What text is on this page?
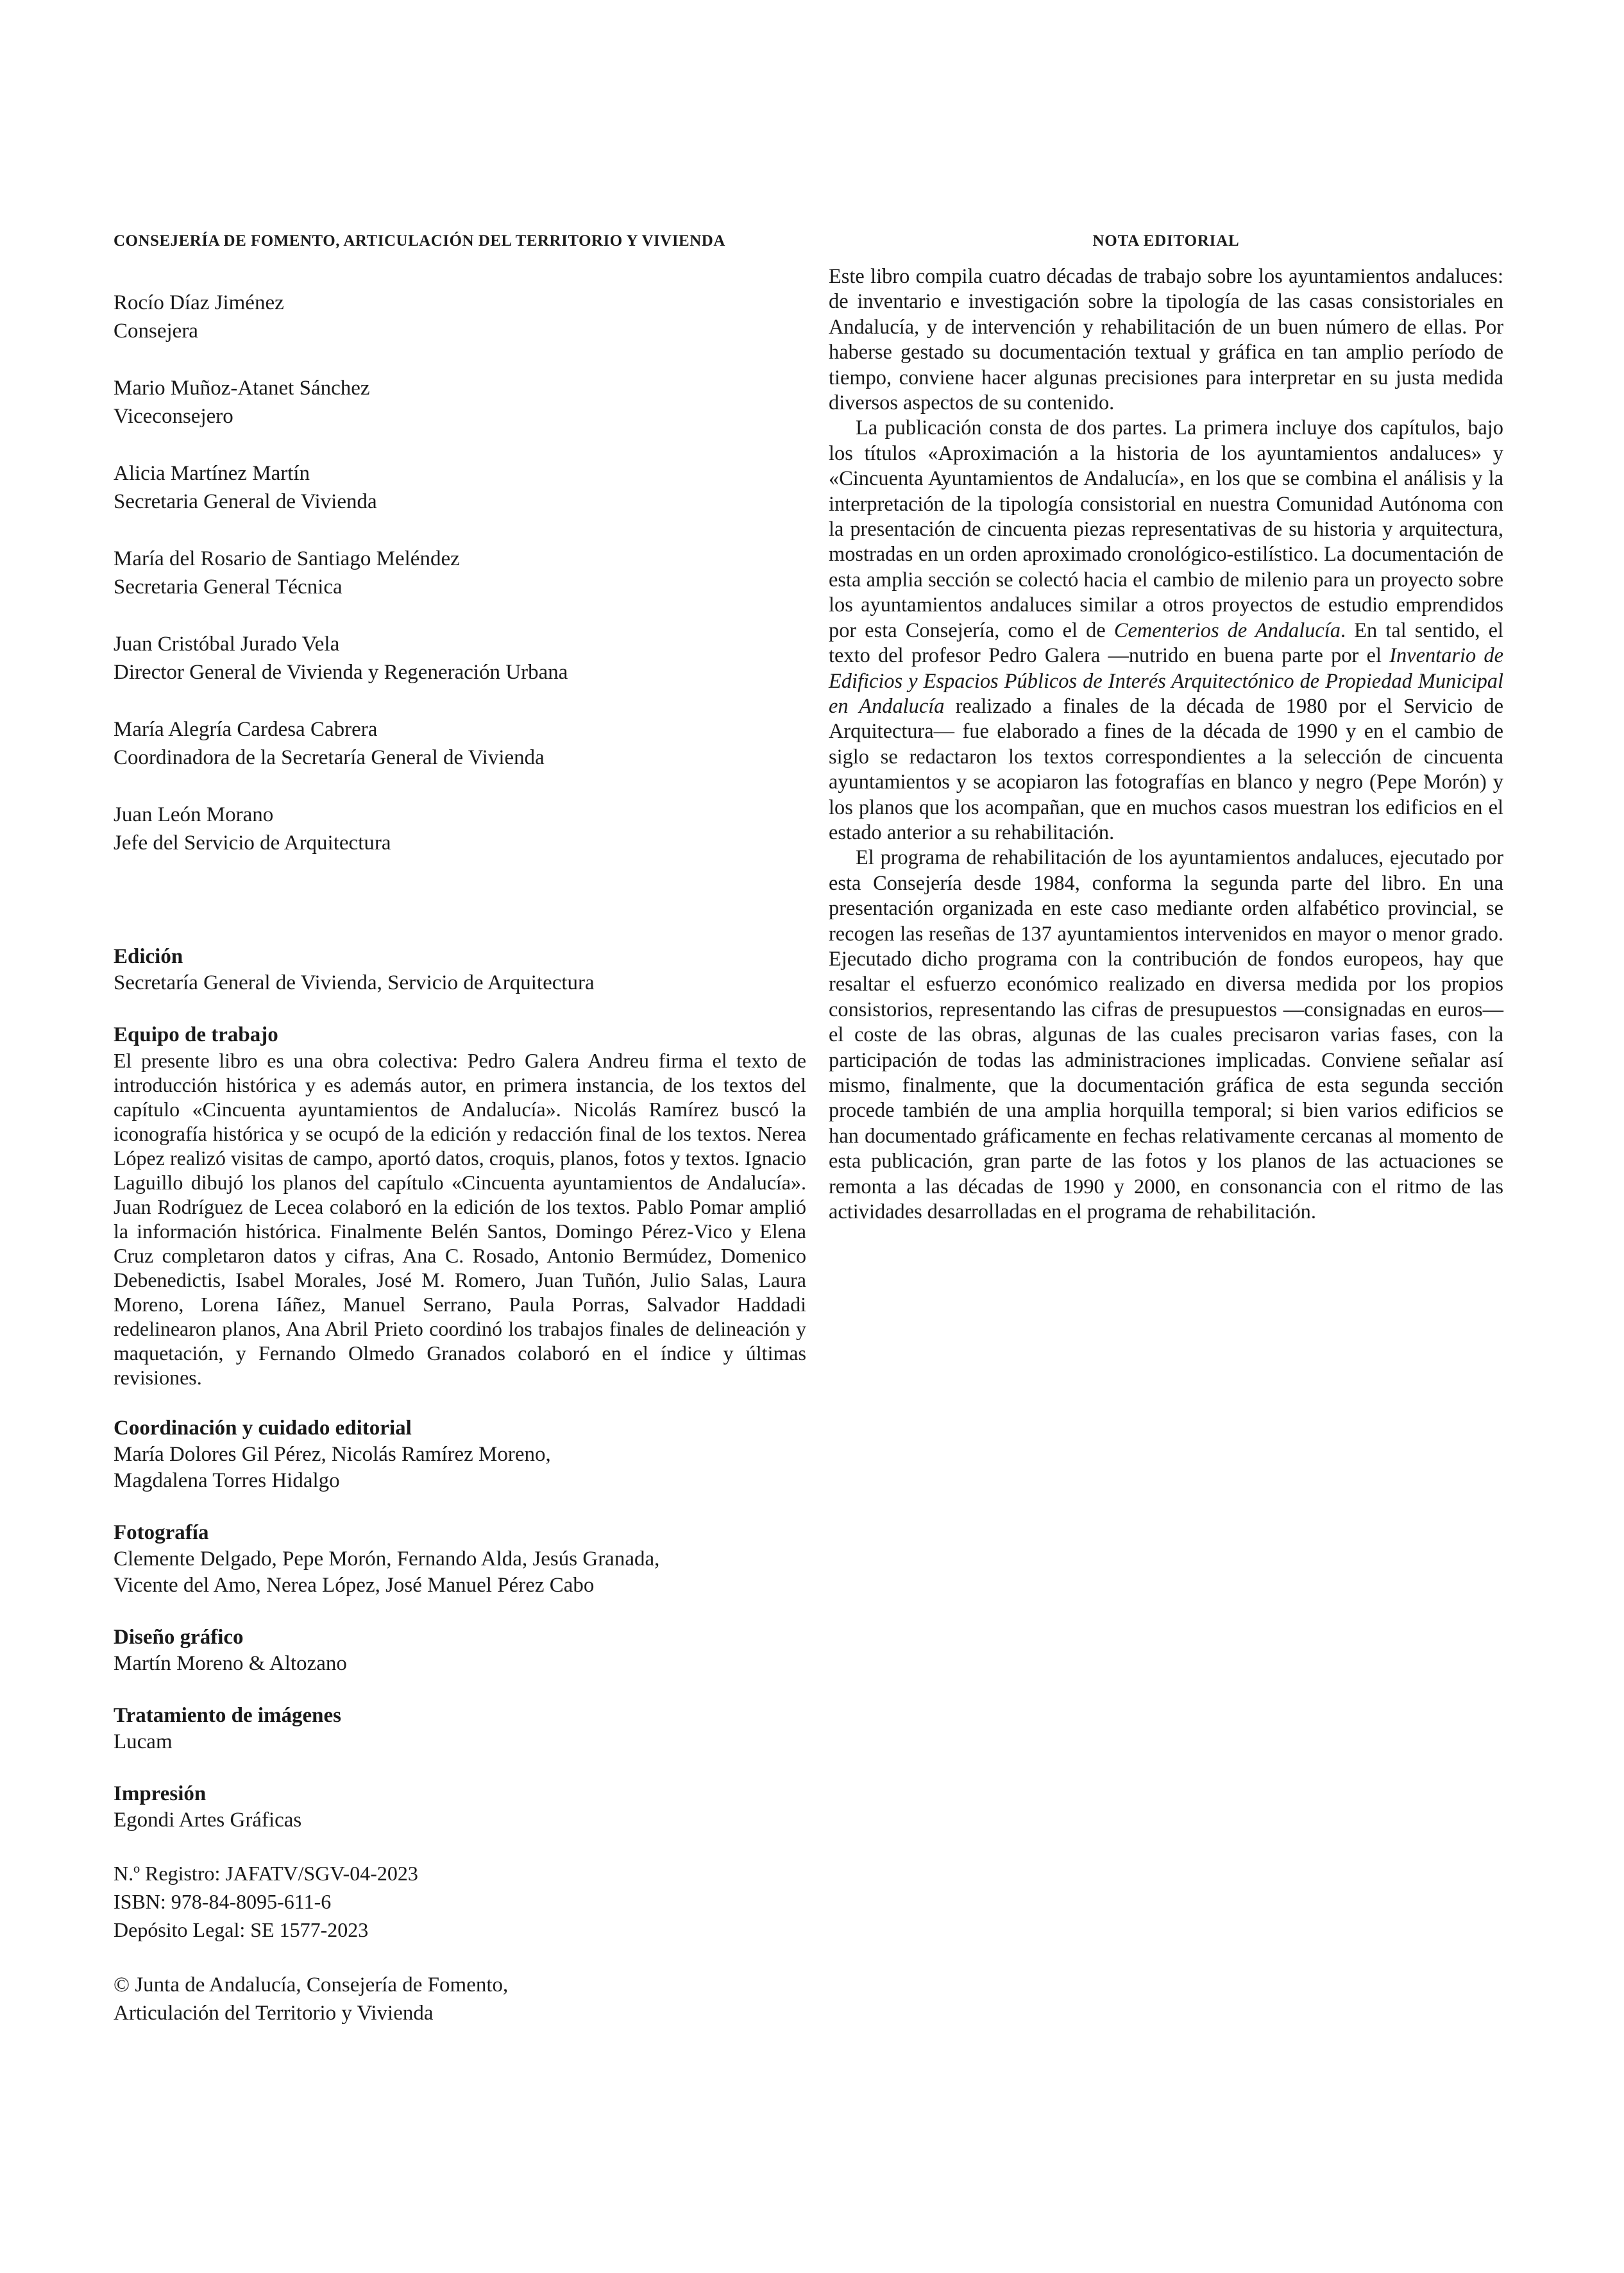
CONSEJERÍA DE FOMENTO, ARTICULACIÓN DEL TERRITORIO Y VIVIENDA
Rocío Díaz Jiménez
Consejera
Mario Muñoz-Atanet Sánchez
Viceconsejero
Alicia Martínez Martín
Secretaria General de Vivienda
María del Rosario de Santiago Meléndez
Secretaria General Técnica
Juan Cristóbal Jurado Vela
Director General de Vivienda y Regeneración Urbana
María Alegría Cardesa Cabrera
Coordinadora de la Secretaría General de Vivienda
Juan León Morano
Jefe del Servicio de Arquitectura
Edición
Secretaría General de Vivienda, Servicio de Arquitectura
Equipo de trabajo
El presente libro es una obra colectiva: Pedro Galera Andreu firma el texto de introducción histórica y es además autor, en primera instancia, de los textos del capítulo «Cincuenta ayuntamientos de Andalucía». Nicolás Ramírez buscó la iconografía histórica y se ocupó de la edición y redacción final de los textos. Nerea López realizó visitas de campo, aportó datos, croquis, planos, fotos y textos. Ignacio Laguillo dibujó los planos del capítulo «Cincuenta ayuntamientos de Andalucía». Juan Rodríguez de Lecea colaboró en la edición de los textos. Pablo Pomar amplió la información histórica. Finalmente Belén Santos, Domingo Pérez-Vico y Elena Cruz completaron datos y cifras, Ana C. Rosado, Antonio Bermúdez, Domenico Debenedictis, Isabel Morales, José M. Romero, Juan Tuñón, Julio Salas, Laura Moreno, Lorena Iáñez, Manuel Serrano, Paula Porras, Salvador Haddadi redelinearon planos, Ana Abril Prieto coordinó los trabajos finales de delineación y maquetación, y Fernando Olmedo Granados colaboró en el índice y últimas revisiones.
Coordinación y cuidado editorial
María Dolores Gil Pérez, Nicolás Ramírez Moreno,
Magdalena Torres Hidalgo
Fotografía
Clemente Delgado, Pepe Morón, Fernando Alda, Jesús Granada,
Vicente del Amo, Nerea López, José Manuel Pérez Cabo
Diseño gráfico
Martín Moreno & Altozano
Tratamiento de imágenes
Lucam
Impresión
Egondi Artes Gráficas
N.º Registro: JAFATV/SGV-04-2023
ISBN: 978-84-8095-611-6
Depósito Legal: SE 1577-2023
© Junta de Andalucía, Consejería de Fomento,
Articulación del Territorio y Vivienda
NOTA EDITORIAL

Este libro compila cuatro décadas de trabajo sobre los ayuntamientos andaluces: de inventario e investigación sobre la tipología de las casas consistoriales en Andalucía, y de intervención y rehabilitación de un buen número de ellas. Por haberse gestado su documentación textual y gráfica en tan amplio período de tiempo, conviene hacer algunas precisiones para interpretar en su justa medida diversos aspectos de su contenido.

La publicación consta de dos partes. La primera incluye dos capítulos, bajo los títulos «Aproximación a la historia de los ayuntamientos andaluces» y «Cincuenta Ayuntamientos de Andalucía», en los que se combina el análisis y la interpretación de la tipología consistorial en nuestra Comunidad Autónoma con la presentación de cincuenta piezas representativas de su historia y arquitectura, mostradas en un orden aproximado cronológico-estilístico. La documentación de esta amplia sección se colectó hacia el cambio de milenio para un proyecto sobre los ayuntamientos andaluces similar a otros proyectos de estudio emprendidos por esta Consejería, como el de Cementerios de Andalucía. En tal sentido, el texto del profesor Pedro Galera —nutrido en buena parte por el Inventario de Edificios y Espacios Públicos de Interés Arquitectónico de Propiedad Municipal en Andalucía realizado a finales de la década de 1980 por el Servicio de Arquitectura— fue elaborado a fines de la década de 1990 y en el cambio de siglo se redactaron los textos correspondientes a la selección de cincuenta ayuntamientos y se acopiaron las fotografías en blanco y negro (Pepe Morón) y los planos que los acompañan, que en muchos casos muestran los edificios en el estado anterior a su rehabilitación.

El programa de rehabilitación de los ayuntamientos andaluces, ejecutado por esta Consejería desde 1984, conforma la segunda parte del libro. En una presentación organizada en este caso mediante orden alfabético provincial, se recogen las reseñas de 137 ayuntamientos intervenidos en mayor o menor grado. Ejecutado dicho programa con la contribución de fondos europeos, hay que resaltar el esfuerzo económico realizado en diversa medida por los propios consistorios, representando las cifras de presupuestos —consignadas en euros— el coste de las obras, algunas de las cuales precisaron varias fases, con la participación de todas las administraciones implicadas. Conviene señalar así mismo, finalmente, que la documentación gráfica de esta segunda sección procede también de una amplia horquilla temporal; si bien varios edificios se han documentado gráficamente en fechas relativamente cercanas al momento de esta publicación, gran parte de las fotos y los planos de las actuaciones se remonta a las décadas de 1990 y 2000, en consonancia con el ritmo de las actividades desarrolladas en el programa de rehabilitación.
